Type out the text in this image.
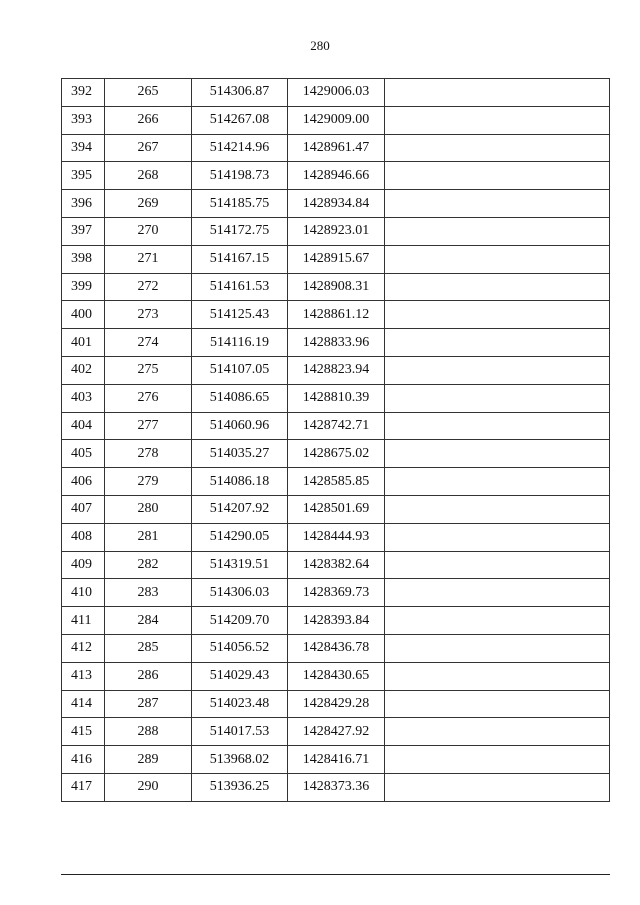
280
392	265	514306.87	1429006.03	
393	266	514267.08	1429009.00	
394	267	514214.96	1428961.47	
395	268	514198.73	1428946.66	
396	269	514185.75	1428934.84	
397	270	514172.75	1428923.01	
398	271	514167.15	1428915.67	
399	272	514161.53	1428908.31	
400	273	514125.43	1428861.12	
401	274	514116.19	1428833.96	
402	275	514107.05	1428823.94	
403	276	514086.65	1428810.39	
404	277	514060.96	1428742.71	
405	278	514035.27	1428675.02	
406	279	514086.18	1428585.85	
407	280	514207.92	1428501.69	
408	281	514290.05	1428444.93	
409	282	514319.51	1428382.64	
410	283	514306.03	1428369.73	
411	284	514209.70	1428393.84	
412	285	514056.52	1428436.78	
413	286	514029.43	1428430.65	
414	287	514023.48	1428429.28	
415	288	514017.53	1428427.92	
416	289	513968.02	1428416.71	
417	290	513936.25	1428373.36	
